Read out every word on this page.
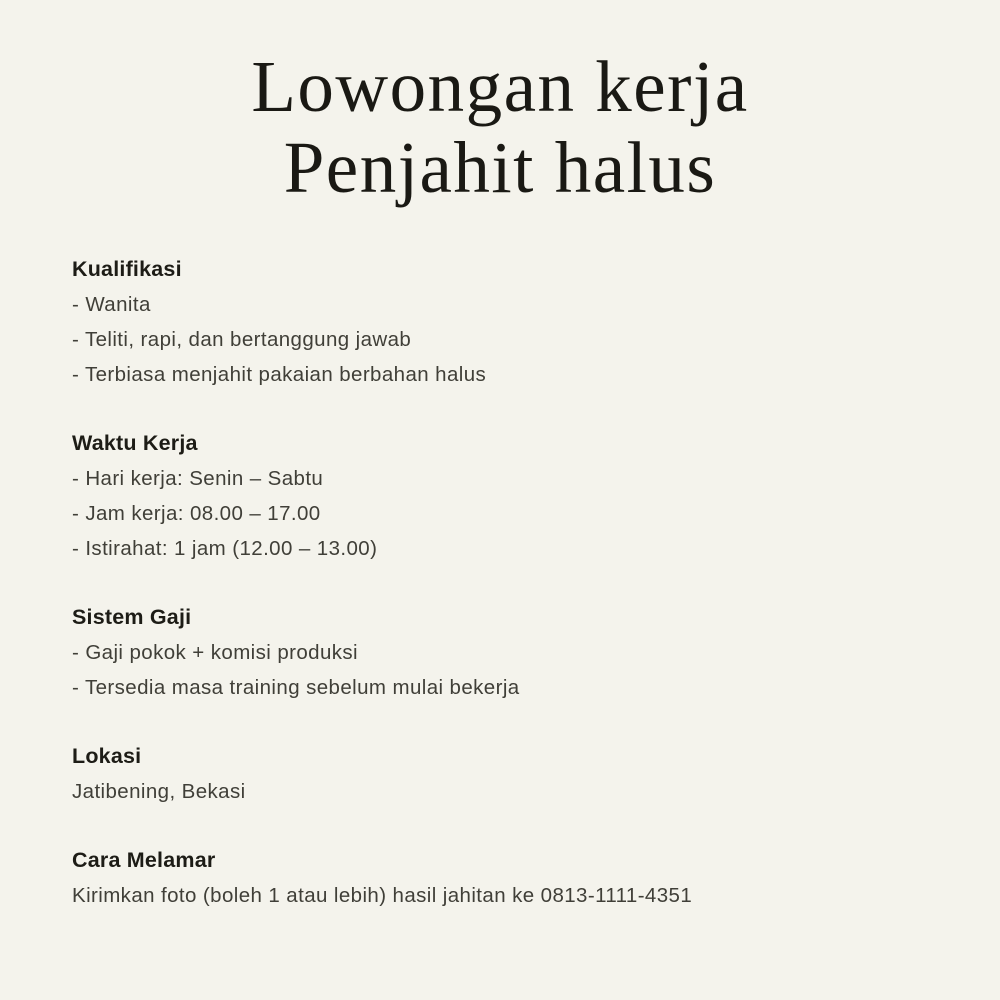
Lowongan kerja
Penjahit halus
Kualifikasi

- Wanita

- Teliti, rapi, dan bertanggung jawab

- Terbiasa menjahit pakaian berbahan halus

Waktu Kerja

- Hari kerja: Senin – Sabtu

- Jam kerja: 08.00 – 17.00

- Istirahat: 1 jam (12.00 – 13.00)

Sistem Gaji

- Gaji pokok + komisi produksi

- Tersedia masa training sebelum mulai bekerja

Lokasi

Jatibening, Bekasi

Cara Melamar

Kirimkan foto (boleh 1 atau lebih) hasil jahitan ke 0813-1111-4351
